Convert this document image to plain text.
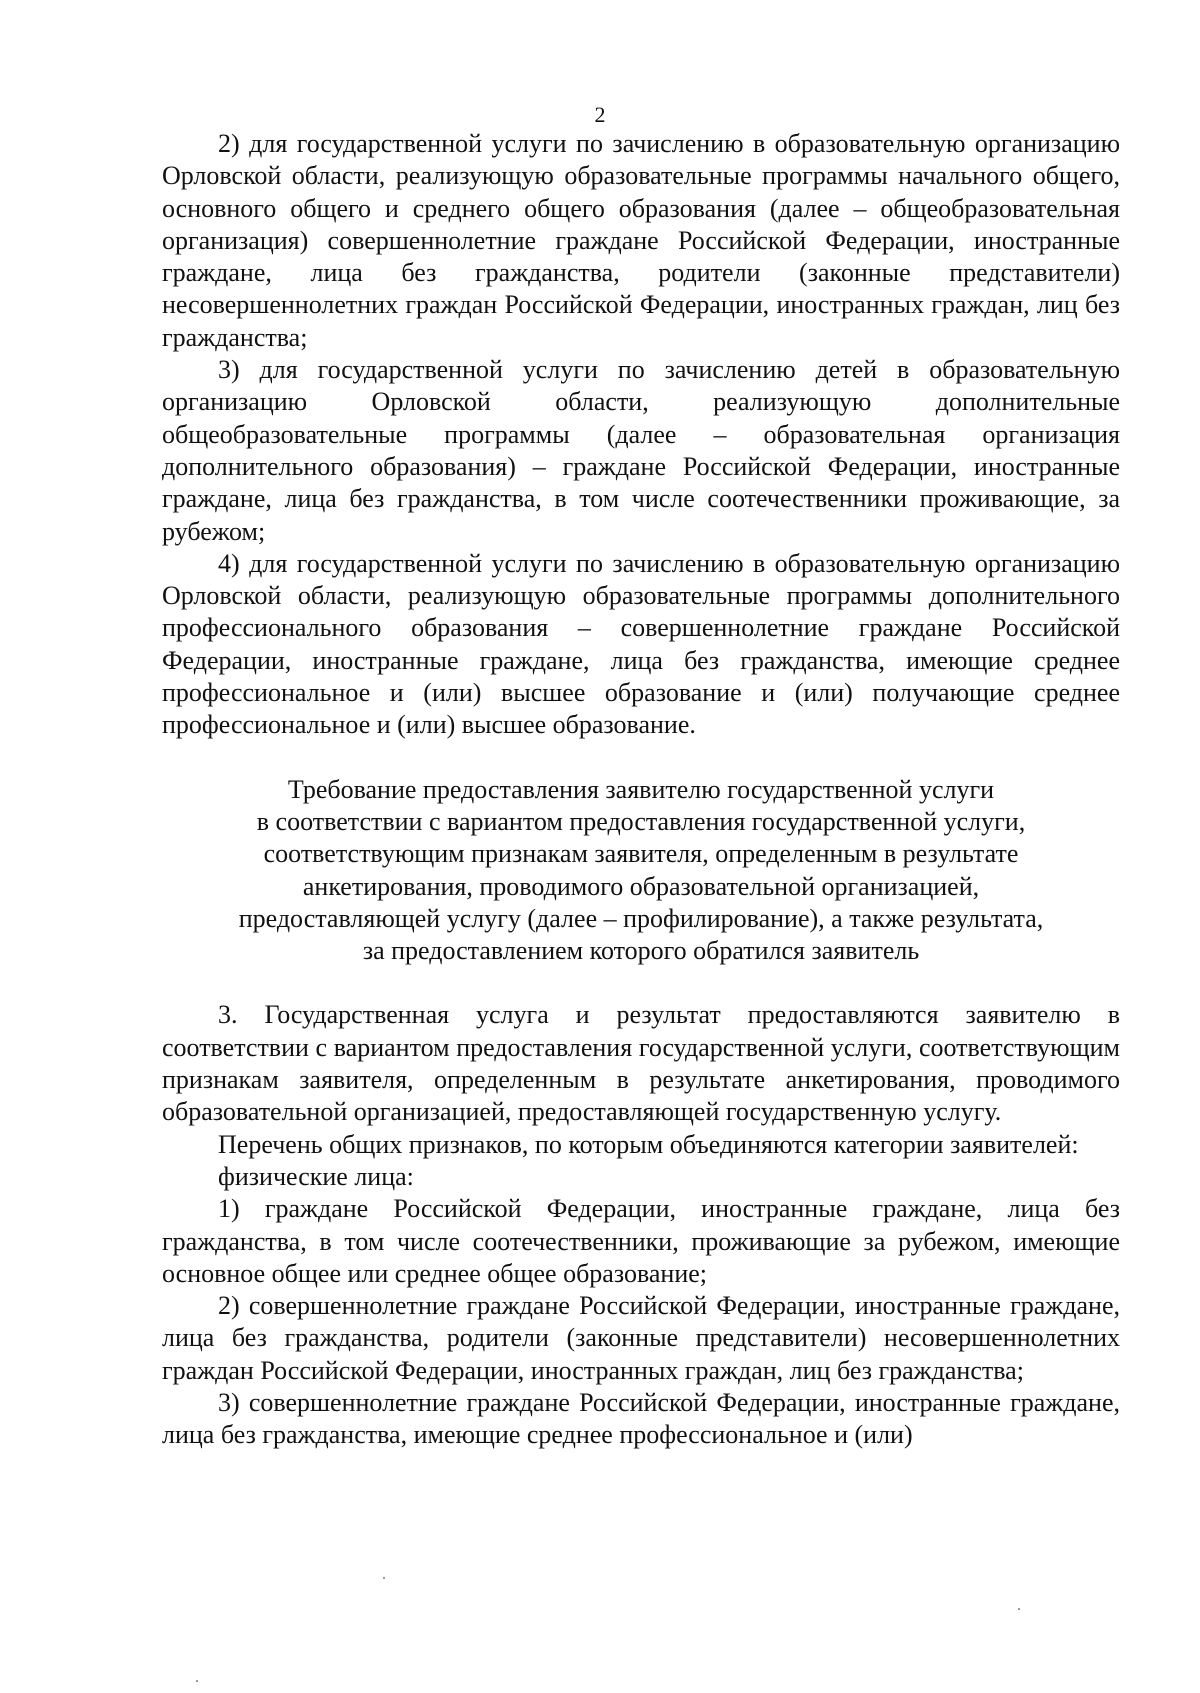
2

2) для государственной услуги по зачислению в образовательную организацию Орловской области, реализующую образовательные программы начального общего, основного общего и среднего общего образования (далее – общеобразовательная организация) совершеннолетние граждане Российской Федерации, иностранные граждане, лица без гражданства, родители (законные представители) несовершеннолетних граждан Российской Федерации, иностранных граждан, лиц без гражданства;

3) для государственной услуги по зачислению детей в образовательную организацию Орловской области, реализующую дополнительные общеобразовательные программы (далее – образовательная организация дополнительного образования) – граждане Российской Федерации, иностранные граждане, лица без гражданства, в том числе соотечественники проживающие, за рубежом;

4) для государственной услуги по зачислению в образовательную организацию Орловской области, реализующую образовательные программы дополнительного профессионального образования – совершеннолетние граждане Российской Федерации, иностранные граждане, лица без гражданства, имеющие среднее профессиональное и (или) высшее образование и (или) получающие среднее профессиональное и (или) высшее образование.

Требование предоставления заявителю государственной услуги
в соответствии с вариантом предоставления государственной услуги,
соответствующим признакам заявителя, определенным в результате
анкетирования, проводимого образовательной организацией,
предоставляющей услугу (далее – профилирование), а также результата,
за предоставлением которого обратился заявитель

3. Государственная услуга и результат предоставляются заявителю в соответствии с вариантом предоставления государственной услуги, соответствующим признакам заявителя, определенным в результате анкетирования, проводимого образовательной организацией, предоставляющей государственную услугу.

Перечень общих признаков, по которым объединяются категории заявителей:

физические лица:

1) граждане Российской Федерации, иностранные граждане, лица без гражданства, в том числе соотечественники, проживающие за рубежом, имеющие основное общее или среднее общее образование;

2) совершеннолетние граждане Российской Федерации, иностранные граждане, лица без гражданства, родители (законные представители) несовершеннолетних граждан Российской Федерации, иностранных граждан, лиц без гражданства;

3) совершеннолетние граждане Российской Федерации, иностранные граждане, лица без гражданства, имеющие среднее профессиональное и (или)
